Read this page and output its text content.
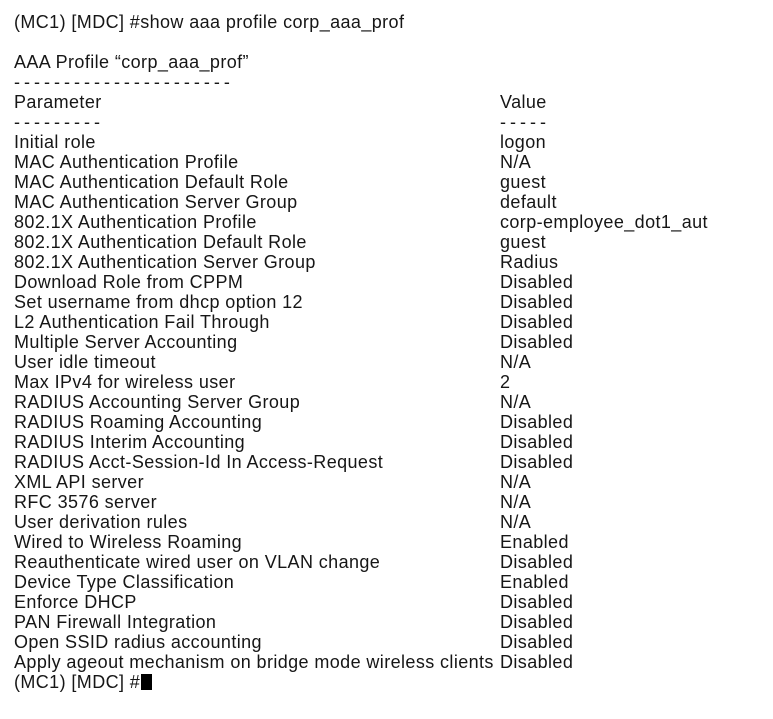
(MC1) [MDC] #show aaa profile corp_aaa_prof
AAA Profile “corp_aaa_prof”
----------------------
Parameter	Value
---------	-----
Initial role	logon
MAC Authentication Profile	N/A
MAC Authentication Default Role	guest
MAC Authentication Server Group	default
802.1X Authentication Profile	corp-employee_dot1_aut
802.1X Authentication Default Role	guest
802.1X Authentication Server Group	Radius
Download Role from CPPM	Disabled
Set username from dhcp option 12	Disabled
L2 Authentication Fail Through	Disabled
Multiple Server Accounting	Disabled
User idle timeout	N/A
Max IPv4 for wireless user	2
RADIUS Accounting Server Group	N/A
RADIUS Roaming Accounting	Disabled
RADIUS Interim Accounting	Disabled
RADIUS Acct-Session-Id In Access-Request	Disabled
XML API server	N/A
RFC 3576 server	N/A
User derivation rules	N/A
Wired to Wireless Roaming	Enabled
Reauthenticate wired user on VLAN change	Disabled
Device Type Classification	Enabled
Enforce DHCP	Disabled
PAN Firewall Integration	Disabled
Open SSID radius accounting	Disabled
Apply ageout mechanism on bridge mode wireless clients Disabled
(MC1) [MDC] #
